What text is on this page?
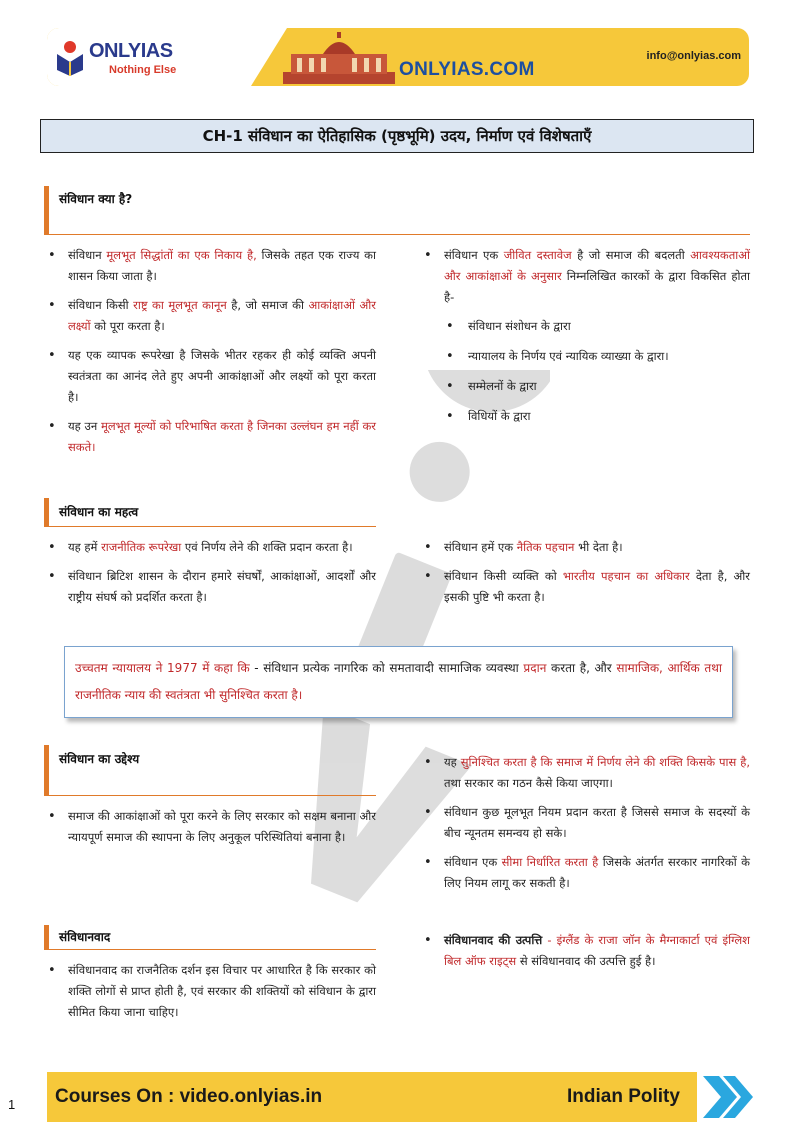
ONLYIAS
Nothing Else	ONLYIAS.COM
info@onlyias.com
CH-1 संविधान का ऐतिहासिक (पृष्ठभूमि) उदय, निर्माण एवं विशेषताएँ
संविधान क्या है?
• संविधान मूलभूत सिद्धांतों का एक निकाय है, जिसके तहत एक राज्य का शासन किया जाता है।
• संविधान किसी राष्ट्र का मूलभूत कानून है, जो समाज की आकांक्षाओं और लक्ष्यों को पूरा करता है।
• यह एक व्यापक रूपरेखा है जिसके भीतर रहकर ही कोई व्यक्ति अपनी स्वतंत्रता का आनंद लेते हुए अपनी आकांक्षाओं और लक्ष्यों को पूरा करता है।
• यह उन मूलभूत मूल्यों को परिभाषित करता है जिनका उल्लंघन हम नहीं कर सकते।
• संविधान एक जीवित दस्तावेज है जो समाज की बदलती आवश्यकताओं और आकांक्षाओं के अनुसार निम्नलिखित कारकों के द्वारा विकसित होता है-
• संविधान संशोधन के द्वारा
• न्यायालय के निर्णय एवं न्यायिक व्याख्या के द्वारा।
• सम्मेलनों के द्वारा
• विधियों के द्वारा
संविधान का महत्व
• यह हमें राजनीतिक रूपरेखा एवं निर्णय लेने की शक्ति प्रदान करता है।
• संविधान ब्रिटिश शासन के दौरान हमारे संघर्षों, आकांक्षाओं, आदर्शों और राष्ट्रीय संघर्ष को प्रदर्शित करता है।
• संविधान हमें एक नैतिक पहचान भी देता है।
• संविधान किसी व्यक्ति को भारतीय पहचान का अधिकार देता है, और इसकी पुष्टि भी करता है।
उच्चतम न्यायालय ने 1977 में कहा कि - संविधान प्रत्येक नागरिक को समतावादी सामाजिक व्यवस्था प्रदान करता है, और सामाजिक, आर्थिक तथा राजनीतिक न्याय की स्वतंत्रता भी सुनिश्चित करता है।
संविधान का उद्देश्य
• समाज की आकांक्षाओं को पूरा करने के लिए सरकार को सक्षम बनाना और न्यायपूर्ण समाज की स्थापना के लिए अनुकूल परिस्थितियां बनाना है।
• यह सुनिश्चित करता है कि समाज में निर्णय लेने की शक्ति किसके पास है, तथा सरकार का गठन कैसे किया जाएगा।
• संविधान कुछ मूलभूत नियम प्रदान करता है जिससे समाज के सदस्यों के बीच न्यूनतम समन्वय हो सके।
• संविधान एक सीमा निर्धारित करता है जिसके अंतर्गत सरकार नागरिकों के लिए नियम लागू कर सकती है।
संविधानवाद
• संविधानवाद का राजनैतिक दर्शन इस विचार पर आधारित है कि सरकार को शक्ति लोगों से प्राप्त होती है, एवं सरकार की शक्तियों को संविधान के द्वारा सीमित किया जाना चाहिए।
• संविधानवाद की उत्पत्ति - इंग्लैंड के राजा जॉन के मैग्नाकार्टा एवं इंग्लिश बिल ऑफ राइट्स से संविधानवाद की उत्पत्ति हुई है।
Courses On : video.onlyias.in	Indian Polity
1
